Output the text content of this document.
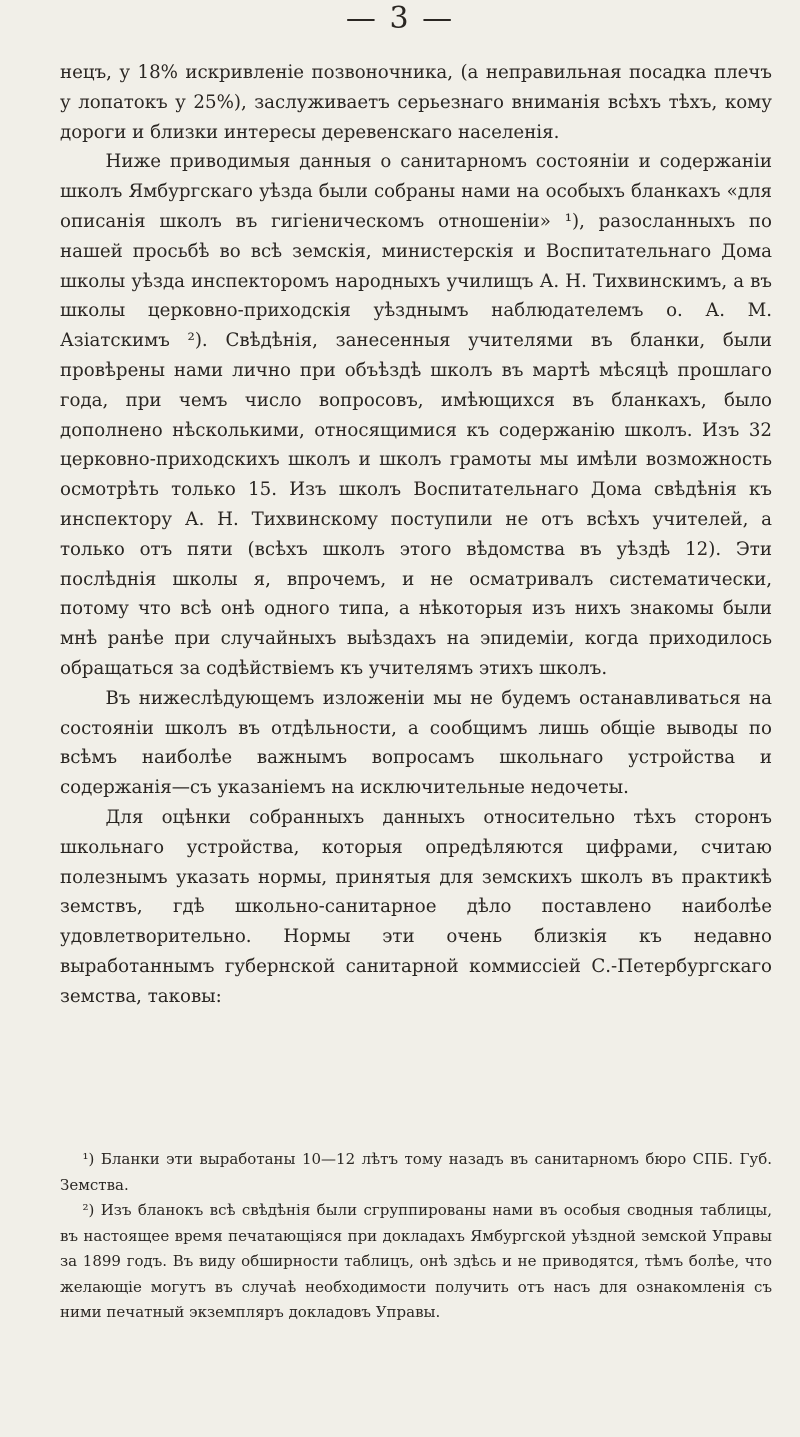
— 3 —

нецъ, у 18% искривленіе позвоночника, (а неправильная посадка плечъ у лопатокъ у 25%), заслуживаетъ серьезнаго вниманія всѣхъ тѣхъ, кому дороги и близки интересы деревенскаго населенія.

Ниже приводимыя данныя о санитарномъ состояніи и содержаніи школъ Ямбургскаго уѣзда были собраны нами на особыхъ бланкахъ «для описанія школъ въ гигіеническомъ отношеніи» ¹), разосланныхъ по нашей просьбѣ во всѣ земскія, министерскія и Воспитательнаго Дома школы уѣзда инспекторомъ народныхъ училищъ А. Н. Тихвинскимъ, а въ школы церковно-приходскія уѣзднымъ наблюдателемъ о. А. М. Азіатскимъ ²). Свѣдѣнія, занесенныя учителями въ бланки, были провѣрены нами лично при объѣздѣ школъ въ мартѣ мѣсяцѣ прошлаго года, при чемъ число вопросовъ, имѣющихся въ бланкахъ, было дополнено нѣсколькими, относящимися къ содержанію школъ. Изъ 32 церковно-приходскихъ школъ и школъ грамоты мы имѣли возможность осмотрѣть только 15. Изъ школъ Воспитательнаго Дома свѣдѣнія къ инспектору А. Н. Тихвинскому поступили не отъ всѣхъ учителей, а только отъ пяти (всѣхъ школъ этого вѣдомства въ уѣздѣ 12). Эти послѣднія школы я, впрочемъ, и не осматривалъ систематически, потому что всѣ онѣ одного типа, а нѣкоторыя изъ нихъ знакомы были мнѣ ранѣе при случайныхъ выѣздахъ на эпидеміи, когда приходилось обращаться за содѣйствіемъ къ учителямъ этихъ школъ.

Въ нижеслѣдующемъ изложеніи мы не будемъ останавливаться на состояніи школъ въ отдѣльности, а сообщимъ лишь общіе выводы по всѣмъ наиболѣе важнымъ вопросамъ школьнаго устройства и содержанія—съ указаніемъ на исключительные недочеты.

Для оцѣнки собранныхъ данныхъ относительно тѣхъ сторонъ школьнаго устройства, которыя опредѣляются цифрами, считаю полезнымъ указать нормы, принятыя для земскихъ школъ въ практикѣ земствъ, гдѣ школьно-санитарное дѣло поставлено наиболѣе удовлетворительно. Нормы эти очень близкія къ недавно выработаннымъ губернской санитарной коммиссіей С.-Петербургскаго земства, таковы:

¹) Бланки эти выработаны 10—12 лѣтъ тому назадъ въ санитарномъ бюро СПБ. Губ. Земства.

²) Изъ бланокъ всѣ свѣдѣнія были сгруппированы нами въ особыя сводныя таблицы, въ настоящее время печатающіяся при докладахъ Ямбургской уѣздной земской Управы за 1899 годъ. Въ виду обширности таблицъ, онѣ здѣсь и не приводятся, тѣмъ болѣе, что желающіе могутъ въ случаѣ необходимости получить отъ насъ для ознакомленія съ ними печатный экземпляръ докладовъ Управы.
